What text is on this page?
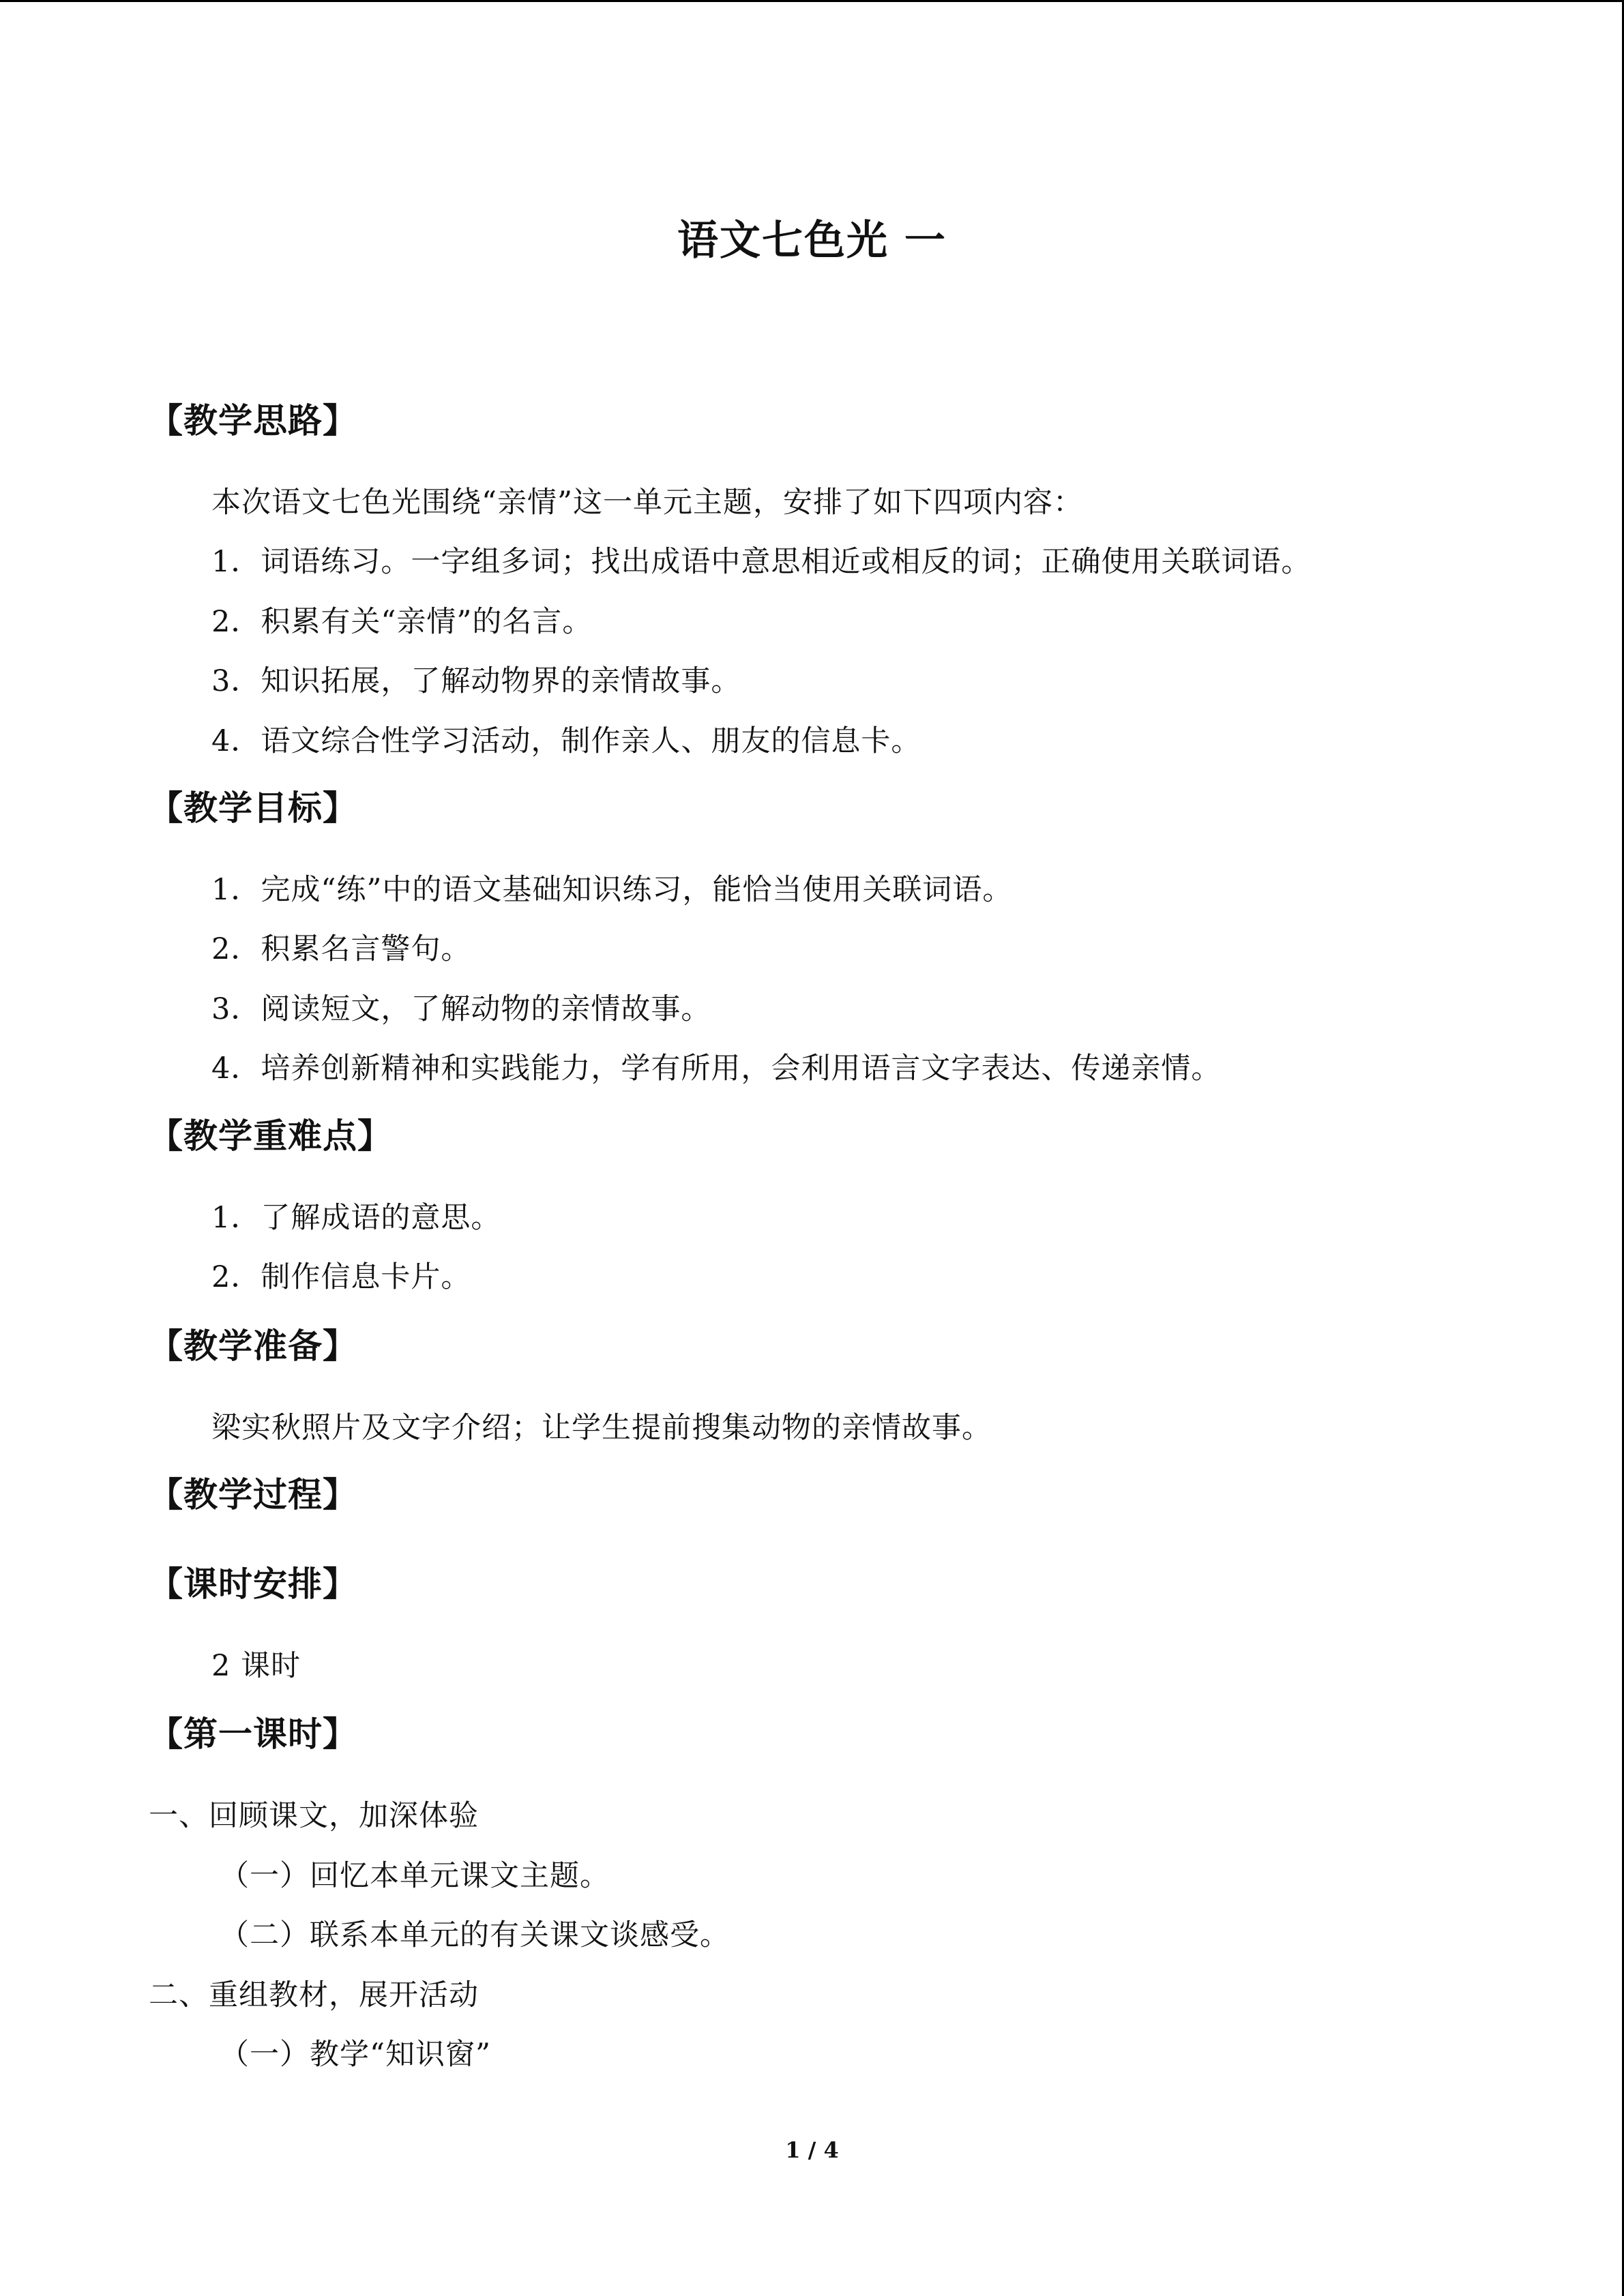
语文七色光 一
【教学思路】
本次语文七色光围绕“亲情”这一单元主题，安排了如下四项内容：
1．词语练习。一字组多词；找出成语中意思相近或相反的词；正确使用关联词语。
2．积累有关“亲情”的名言。
3．知识拓展，了解动物界的亲情故事。
4．语文综合性学习活动，制作亲人、朋友的信息卡。
【教学目标】
1．完成“练”中的语文基础知识练习，能恰当使用关联词语。
2．积累名言警句。
3．阅读短文，了解动物的亲情故事。
4．培养创新精神和实践能力，学有所用，会利用语言文字表达、传递亲情。
【教学重难点】
1．了解成语的意思。
2．制作信息卡片。
【教学准备】
梁实秋照片及文字介绍；让学生提前搜集动物的亲情故事。
【教学过程】
【课时安排】
2 课时
【第一课时】
一、回顾课文，加深体验
（一）回忆本单元课文主题。
（二）联系本单元的有关课文谈感受。
二、重组教材，展开活动
（一）教学“知识窗”
1 / 4
